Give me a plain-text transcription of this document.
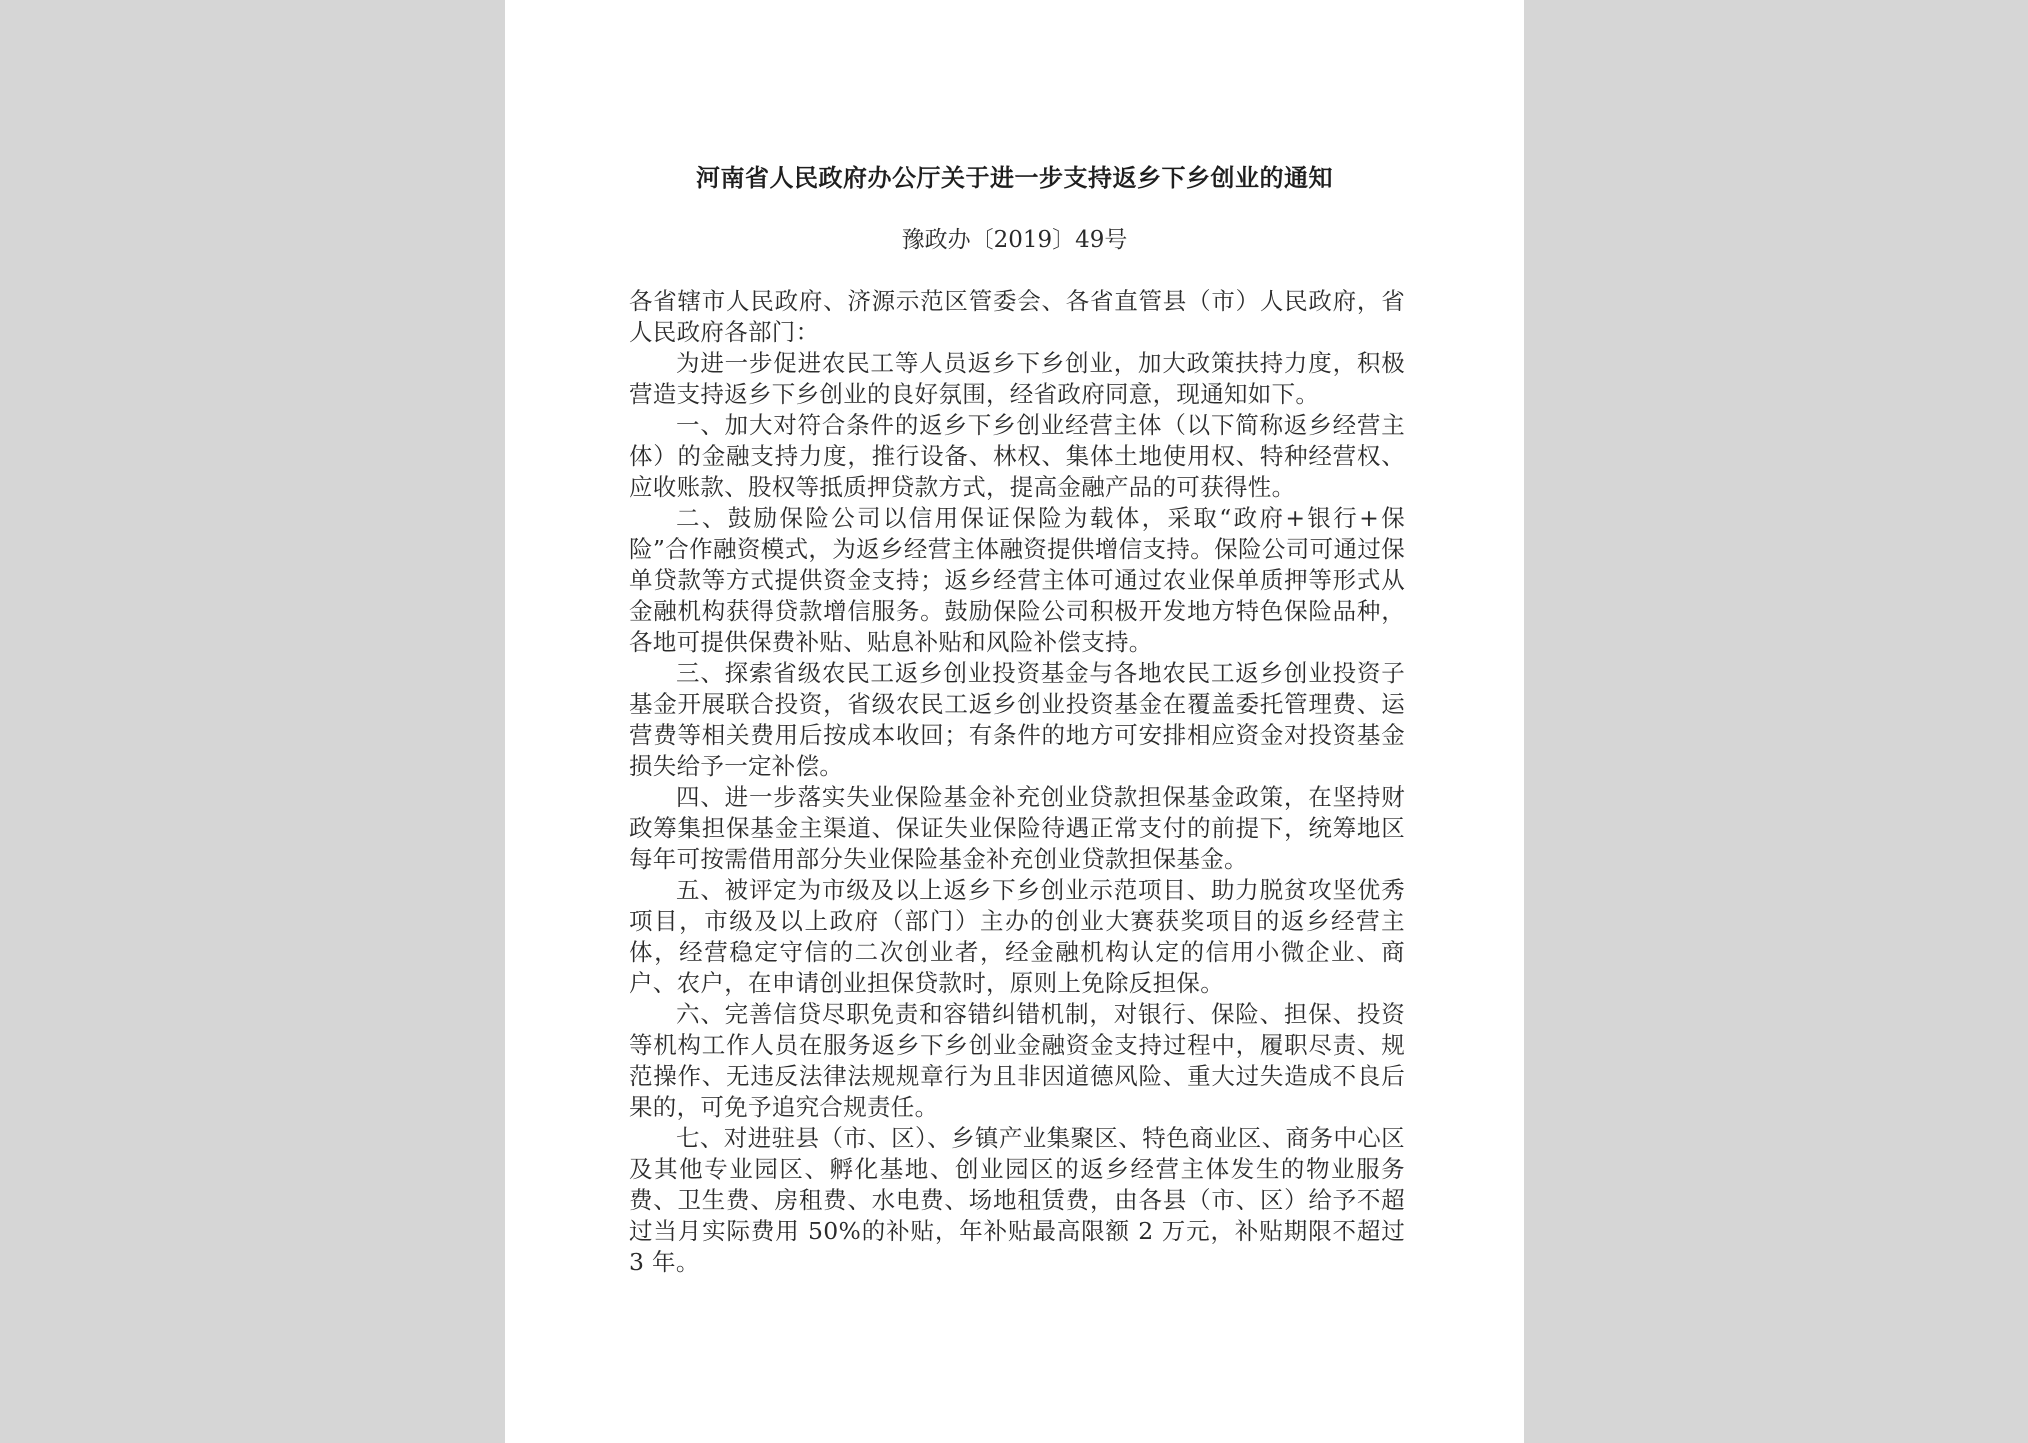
河南省人民政府办公厅关于进一步支持返乡下乡创业的通知
豫政办〔2019〕49号

各省辖市人民政府、济源示范区管委会、各省直管县（市）人民政府，省人民政府各部门：

为进一步促进农民工等人员返乡下乡创业，加大政策扶持力度，积极营造支持返乡下乡创业的良好氛围，经省政府同意，现通知如下。

一、加大对符合条件的返乡下乡创业经营主体（以下简称返乡经营主体）的金融支持力度，推行设备、林权、集体土地使用权、特种经营权、应收账款、股权等抵质押贷款方式，提高金融产品的可获得性。

二、鼓励保险公司以信用保证保险为载体，采取“政府+银行+保险”合作融资模式，为返乡经营主体融资提供增信支持。保险公司可通过保单贷款等方式提供资金支持；返乡经营主体可通过农业保单质押等形式从金融机构获得贷款增信服务。鼓励保险公司积极开发地方特色保险品种，各地可提供保费补贴、贴息补贴和风险补偿支持。

三、探索省级农民工返乡创业投资基金与各地农民工返乡创业投资子基金开展联合投资，省级农民工返乡创业投资基金在覆盖委托管理费、运营费等相关费用后按成本收回；有条件的地方可安排相应资金对投资基金损失给予一定补偿。

四、进一步落实失业保险基金补充创业贷款担保基金政策，在坚持财政筹集担保基金主渠道、保证失业保险待遇正常支付的前提下，统筹地区每年可按需借用部分失业保险基金补充创业贷款担保基金。

五、被评定为市级及以上返乡下乡创业示范项目、助力脱贫攻坚优秀项目，市级及以上政府（部门）主办的创业大赛获奖项目的返乡经营主体，经营稳定守信的二次创业者，经金融机构认定的信用小微企业、商户、农户，在申请创业担保贷款时，原则上免除反担保。

六、完善信贷尽职免责和容错纠错机制，对银行、保险、担保、投资等机构工作人员在服务返乡下乡创业金融资金支持过程中，履职尽责、规范操作、无违反法律法规规章行为且非因道德风险、重大过失造成不良后果的，可免予追究合规责任。

七、对进驻县（市、区）、乡镇产业集聚区、特色商业区、商务中心区及其他专业园区、孵化基地、创业园区的返乡经营主体发生的物业服务费、卫生费、房租费、水电费、场地租赁费，由各县（市、区）给予不超过当月实际费用 50%的补贴，年补贴最高限额 2 万元，补贴期限不超过 3 年。
